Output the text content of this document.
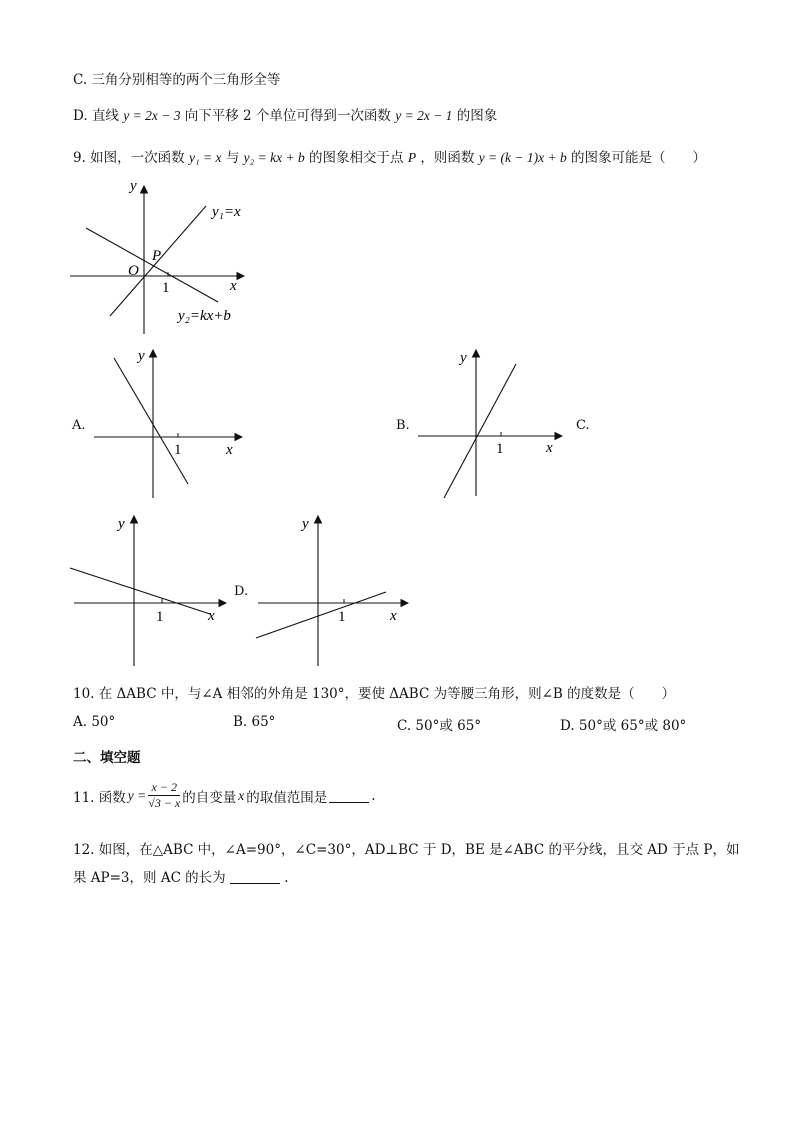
C. 三角分别相等的两个三角形全等
D. 直线 y = 2x − 3 向下平移 2 个单位可得到一次函数 y = 2x − 1 的图象
9. 如图，一次函数 y₁ = x 与 y₂ = kx + b 的图象相交于点 P ，则函数 y = (k − 1)x + b 的图象可能是（　　）
y
x
O
P
1
y₁=x
y₂=kx+b
A.
y
x
1
B.
y
x
1
C.
y
x
1
D.
y
x
1
10. 在 ΔABC 中，与∠A 相邻的外角是 130°，要使 ΔABC 为等腰三角形，则∠B 的度数是（　　）
A. 50°	B. 65°	C. 50°或 65°	D. 50°或 65°或 80°
二、填空题
11. 函数 $y = \frac{x - 2}{√3 - x}$ 的自变量 x 的取值范围是	.
12. 如图，在△ABC 中，∠A=90°，∠C=30°，AD⊥BC 于 D，BE 是∠ABC 的平分线，且交 AD 于点 P，如
果 AP=3，则 AC 的长为	.
